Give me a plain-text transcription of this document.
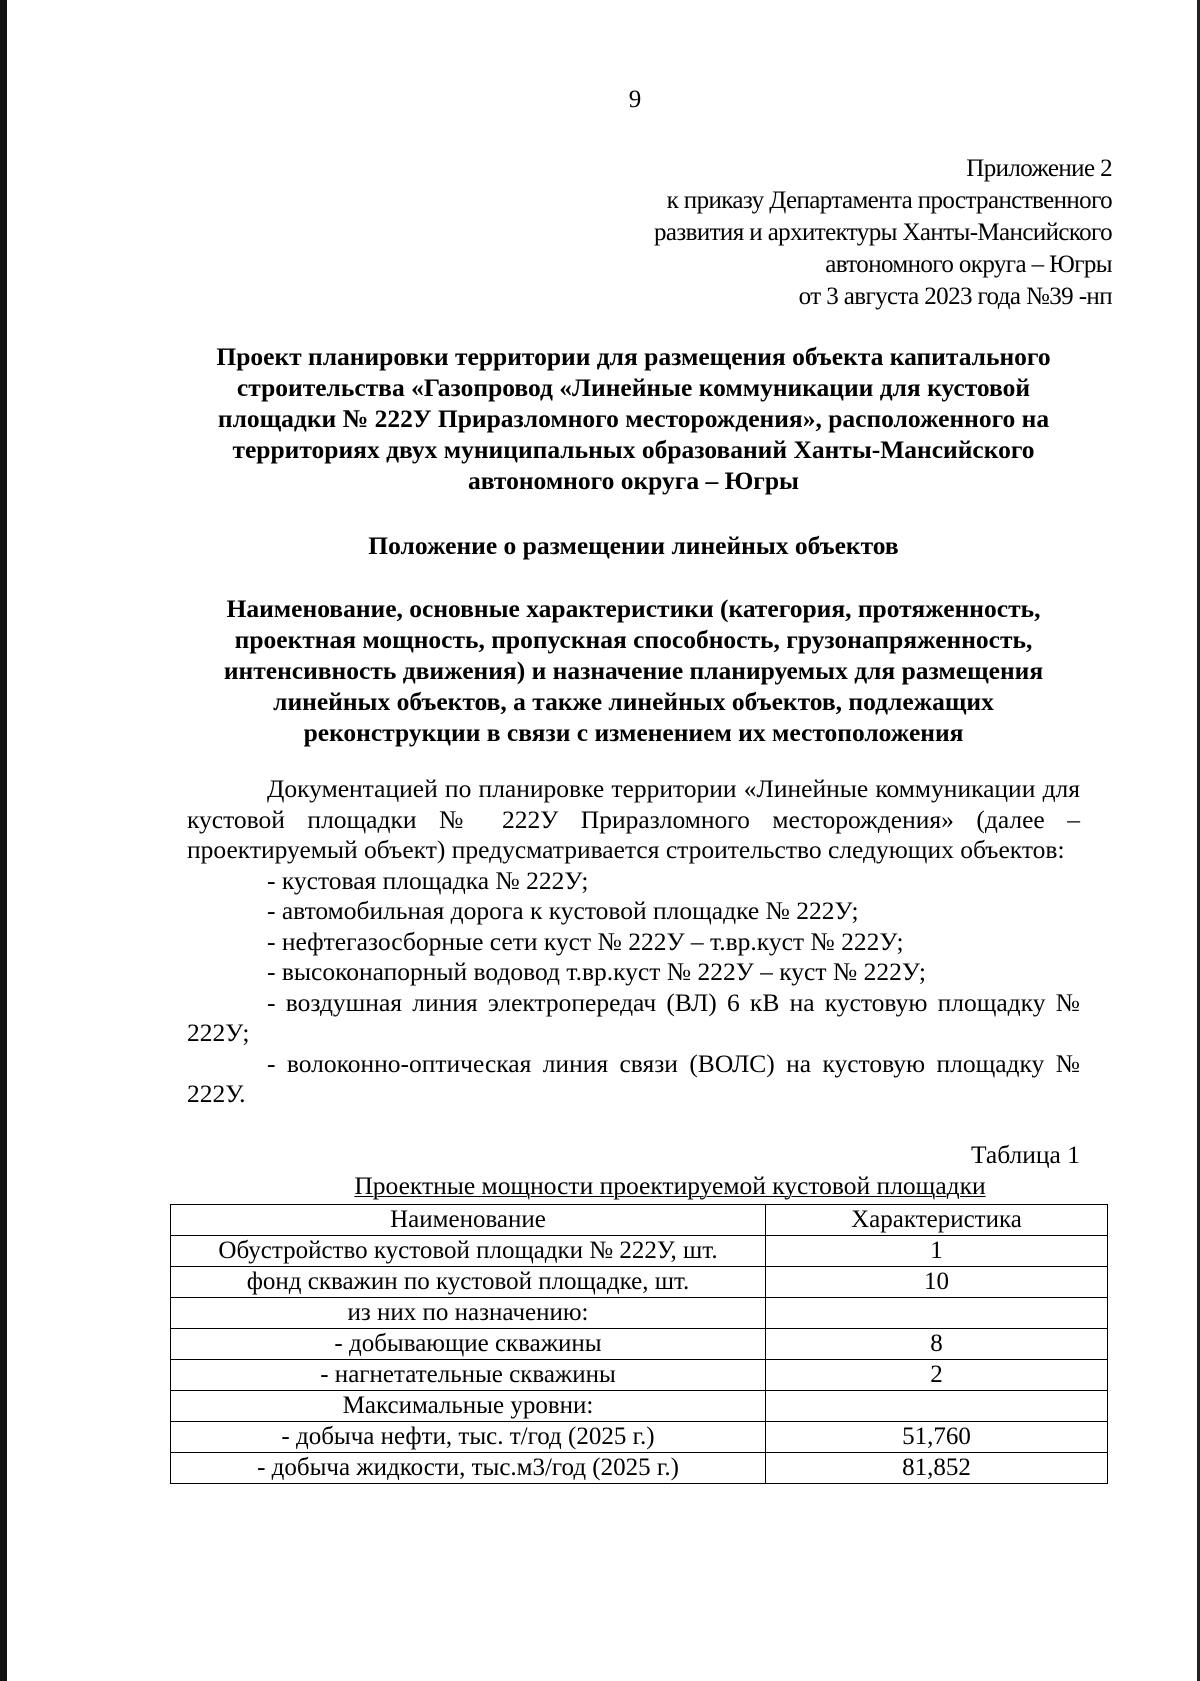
9
Приложение 2
к приказу Департамента пространственного
развития и архитектуры Ханты-Мансийского
автономного округа – Югры
от 3 августа 2023 года №39 -нп
Проект планировки территории для размещения объекта капитального строительства «Газопровод «Линейные коммуникации для кустовой площадки № 222У Приразломного месторождения», расположенного на территориях двух муниципальных образований Ханты-Мансийского автономного округа – Югры
Положение о размещении линейных объектов
Наименование, основные характеристики (категория, протяженность, проектная мощность, пропускная способность, грузонапряженность, интенсивность движения) и назначение планируемых для размещения линейных объектов, а также линейных объектов, подлежащих реконструкции в связи с изменением их местоположения

Документацией по планировке территории «Линейные коммуникации для кустовой площадки № 222У Приразломного месторождения» (далее – проектируемый объект) предусматривается строительство следующих объектов:

- кустовая площадка № 222У;
- автомобильная дорога к кустовой площадке № 222У;
- нефтегазосборные сети куст № 222У – т.вр.куст № 222У;
- высоконапорный водовод т.вр.куст № 222У – куст № 222У;
- воздушная линия электропередач (ВЛ) 6 кВ на кустовую площадку № 222У;
- волоконно-оптическая линия связи (ВОЛС) на кустовую площадку № 222У.
Таблица 1
Проектные мощности проектируемой кустовой площадки
Наименование	Характеристика
Обустройство кустовой площадки № 222У, шт.	1
фонд скважин по кустовой площадке, шт.	10
из них по назначению:	
- добывающие скважины	8
- нагнетательные скважины	2
Максимальные уровни:	
- добыча нефти, тыс. т/год (2025 г.)	51,760
- добыча жидкости, тыс.м3/год (2025 г.)	81,852
